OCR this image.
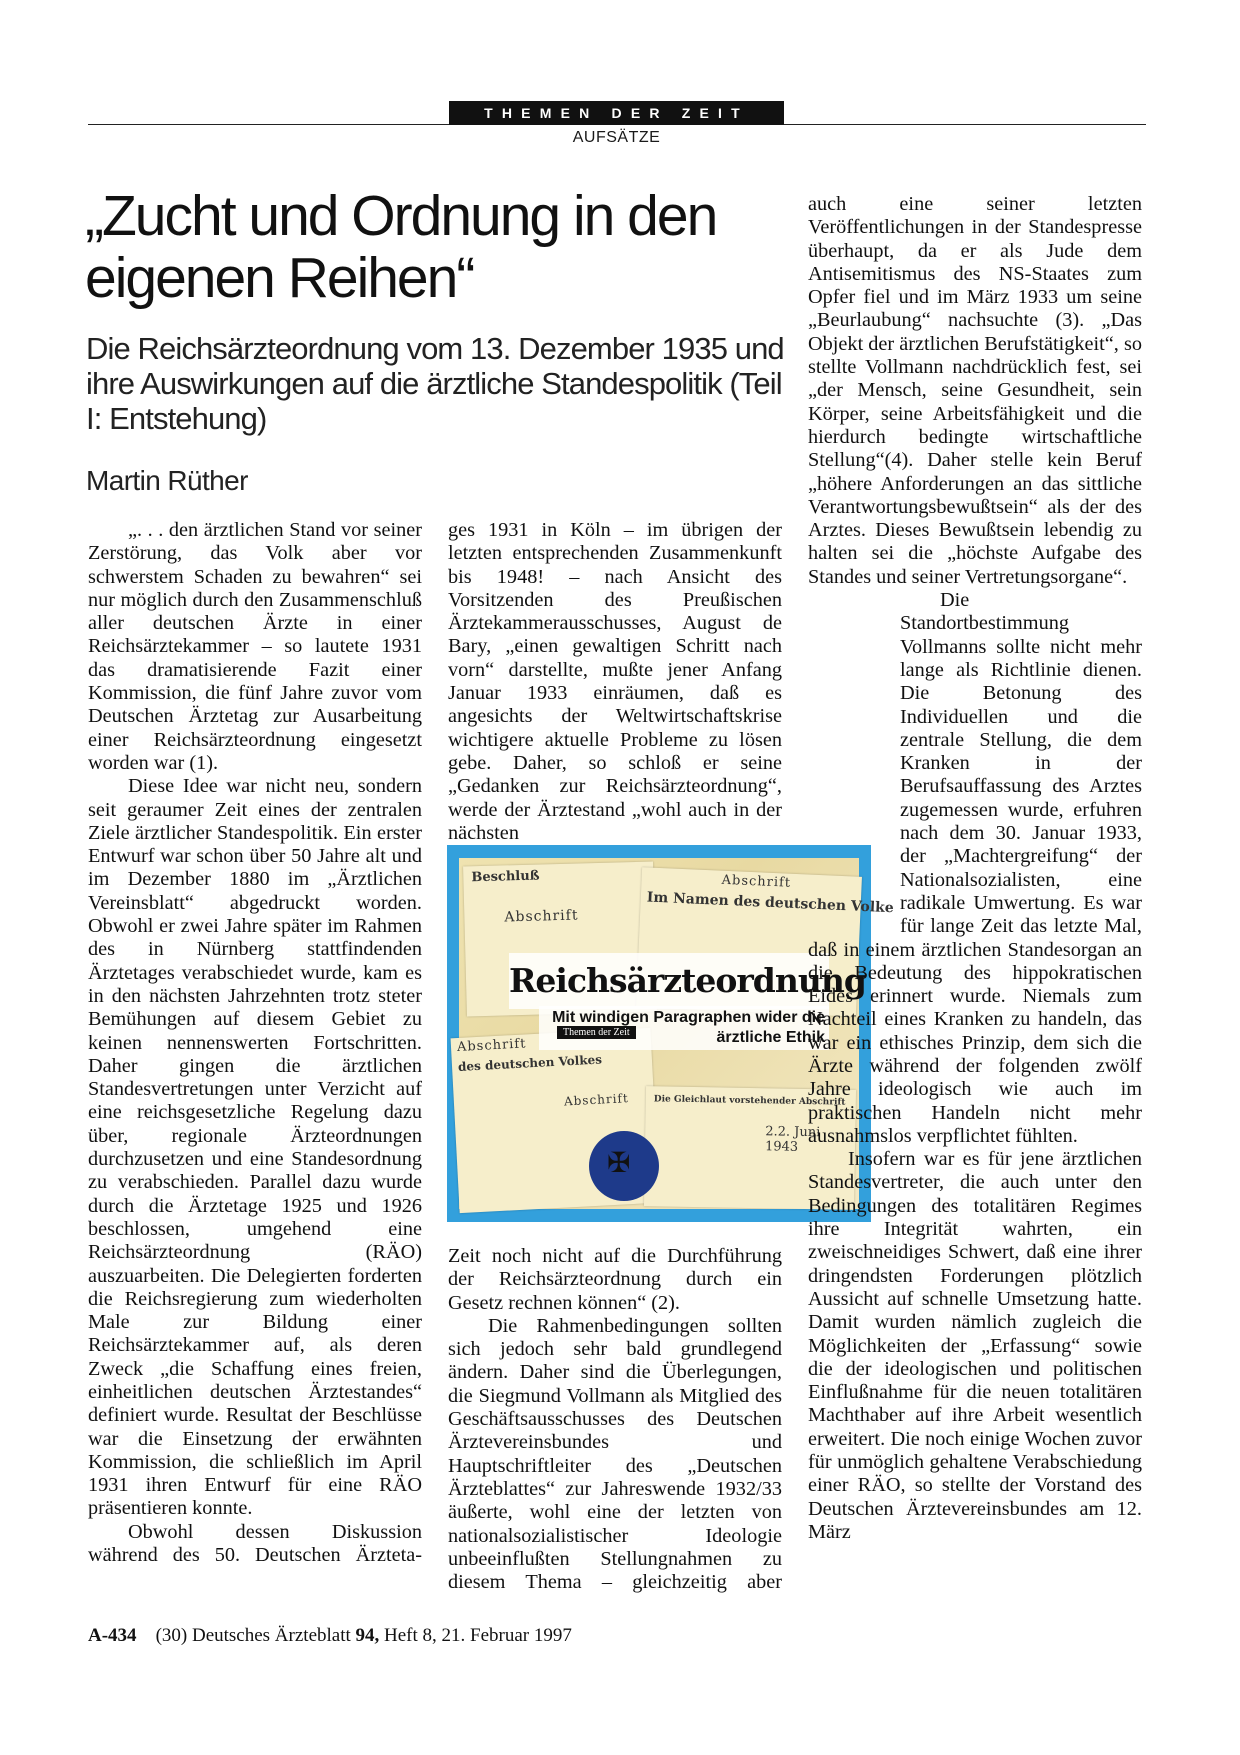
THEMEN DER ZEIT
AUFSÄTZE
„Zucht und Ordnung in den eigenen Reihen“
Die Reichsärzteordnung vom 13. Dezember 1935 und ihre Auswirkungen auf die ärztliche Standespolitik (Teil I: Entstehung)
Martin Rüther

„. . . den ärztlichen Stand vor seiner Zerstörung, das Volk aber vor schwerstem Schaden zu bewahren“ sei nur möglich durch den Zusammenschluß aller deutschen Ärzte in einer Reichsärztekammer – so lautete 1931 das dramatisierende Fazit einer Kommission, die fünf Jahre zuvor vom Deutschen Ärztetag zur Ausarbeitung einer Reichsärzteordnung eingesetzt worden war (1).

Diese Idee war nicht neu, sondern seit geraumer Zeit eines der zentralen Ziele ärztlicher Standespolitik. Ein erster Entwurf war schon über 50 Jahre alt und im Dezember 1880 im „Ärztlichen Vereinsblatt“ abgedruckt worden. Obwohl er zwei Jahre später im Rahmen des in Nürnberg stattfindenden Ärztetages verabschiedet wurde, kam es in den nächsten Jahrzehnten trotz steter Bemühungen auf diesem Gebiet zu keinen nennenswerten Fortschritten. Daher gingen die ärztlichen Standesvertretungen unter Verzicht auf eine reichsgesetzliche Regelung dazu über, regionale Ärzteordnungen durchzusetzen und eine Standesordnung zu verabschieden. Parallel dazu wurde durch die Ärztetage 1925 und 1926 beschlossen, umgehend eine Reichsärzteordnung (RÄO) auszuarbeiten. Die Delegierten forderten die Reichsregierung zum wiederholten Male zur Bildung einer Reichsärztekammer auf, als deren Zweck „die Schaffung eines freien, einheitlichen deutschen Ärztestandes“ definiert wurde. Resultat der Beschlüsse war die Einsetzung der erwähnten Kommission, die schließlich im April 1931 ihren Entwurf für eine RÄO präsentieren konnte.

Obwohl dessen Diskussion während des 50. Deutschen Ärzteta-

ges 1931 in Köln – im übrigen der letzten entsprechenden Zusammenkunft bis 1948! – nach Ansicht des Vorsitzenden des Preußischen Ärztekammerausschusses, August de Bary, „einen gewaltigen Schritt nach vorn“ darstellte, mußte jener Anfang Januar 1933 einräumen, daß es angesichts der Weltwirtschaftskrise wichtigere aktuelle Probleme zu lösen gebe. Daher, so schloß er seine „Gedanken zur Reichsärzteordnung“, werde der Ärztestand „wohl auch in der nächsten

Beschluß
Abschrift
Abschrift
Im Namen des deutschen Volke
Abschrift
des deutschen Volkes
Abschrift	Die Gleichlaut vorstehender Abschrift
2.2. Juni 1943
Reichsärzteordnung
Mit windigen Paragraphen wider die ärztliche Ethik
Themen der Zeit
✠

Zeit noch nicht auf die Durchführung der Reichsärzteordnung durch ein Gesetz rechnen können“ (2).

Die Rahmenbedingungen sollten sich jedoch sehr bald grundlegend ändern. Daher sind die Überlegungen, die Siegmund Vollmann als Mitglied des Geschäftsausschusses des Deutschen Ärztevereinsbundes und Hauptschriftleiter des „Deutschen Ärzteblattes“ zur Jahreswende 1932/33 äußerte, wohl eine der letzten von nationalsozialistischer Ideologie unbeeinflußten Stellungnahmen zu diesem Thema – gleichzeitig aber

auch eine seiner letzten Veröffentlichungen in der Standespresse überhaupt, da er als Jude dem Antisemitismus des NS-Staates zum Opfer fiel und im März 1933 um seine „Beurlaubung“ nachsuchte (3). „Das Objekt der ärztlichen Berufstätigkeit“, so stellte Vollmann nachdrücklich fest, sei „der Mensch, seine Gesundheit, sein Körper, seine Arbeitsfähigkeit und die hierdurch bedingte wirtschaftliche Stellung“(4). Daher stelle kein Beruf „höhere Anforderungen an das sittliche Verantwortungsbewußtsein“ als der des Arztes. Dieses Bewußtsein lebendig zu halten sei die „höchste Aufgabe des Standes und seiner Vertretungsorgane“.

Die Standortbestimmung Vollmanns sollte nicht mehr lange als Richtlinie dienen. Die Betonung des Individuellen und die zentrale Stellung, die dem Kranken in der Berufsauffassung des Arztes zugemessen wurde, erfuhren nach dem 30. Januar 1933, der „Machtergreifung“ der Nationalsozialisten, eine radikale Umwertung. Es war für lange Zeit das letzte Mal, daß in einem ärztlichen Standesorgan an die Bedeutung des hippokratischen Eides erinnert wurde. Niemals zum Nachteil eines Kranken zu handeln, das war ein ethisches Prinzip, dem sich die Ärzte während der folgenden zwölf Jahre ideologisch wie auch im praktischen Handeln nicht mehr ausnahmslos verpflichtet fühlten.

Insofern war es für jene ärztlichen Standesvertreter, die auch unter den Bedingungen des totalitären Regimes ihre Integrität wahrten, ein zweischneidiges Schwert, daß eine ihrer dringendsten Forderungen plötzlich Aussicht auf schnelle Umsetzung hatte. Damit wurden nämlich zugleich die Möglichkeiten der „Erfassung“ sowie die der ideologischen und politischen Einflußnahme für die neuen totalitären Machthaber auf ihre Arbeit wesentlich erweitert. Die noch einige Wochen zuvor für unmöglich gehaltene Verabschiedung einer RÄO, so stellte der Vorstand des Deutschen Ärztevereinsbundes am 12. März

A-434 (30) Deutsches Ärzteblatt 94, Heft 8, 21. Februar 1997
